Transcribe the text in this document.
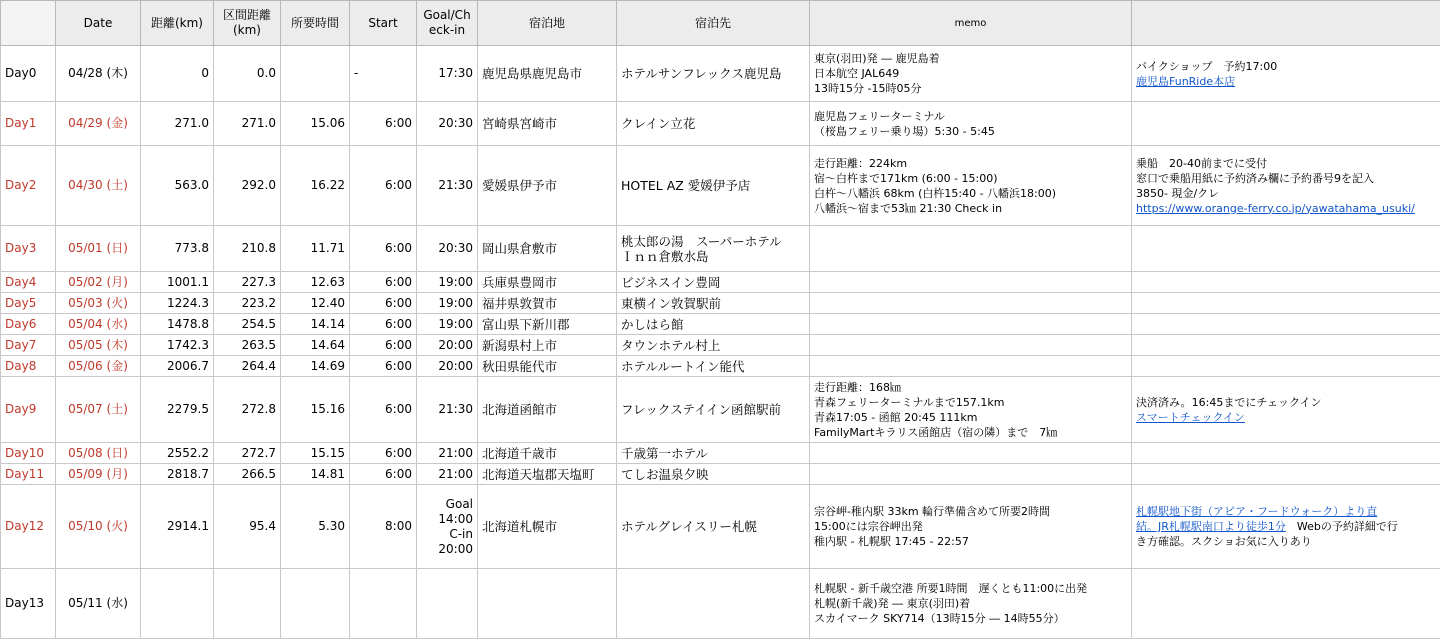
	Date	距離(km)	区間距離
(km)	所要時間	Start	Goal/Ch
eck-in	宿泊地	宿泊先	memo	
Day0	04/28 (木)	0	0.0		-	17:30	鹿児島県鹿児島市	ホテルサンフレックス鹿児島	東京(羽田)発 ― 鹿児島着
日本航空 JAL649
13時15分 -15時05分	バイクショップ　予約17:00
鹿児島FunRide本店

Day1	04/29 (金)	271.0	271.0	15.06	6:00	20:30	宮崎県宮崎市	クレイン立花	鹿児島フェリーターミナル
（桜島フェリー乗り場）5:30 - 5:45	

Day2	04/30 (土)	563.0	292.0	16.22	6:00	21:30	愛媛県伊予市	HOTEL AZ 愛媛伊予店	走行距離：224km
宿～白杵まで171km (6:00 - 15:00)
白杵～八幡浜 68km (白杵15:40 - 八幡浜18:00)
八幡浜～宿まで53㎞ 21:30 Check in	乗船　20-40前までに受付
窓口で乗船用紙に予約済み欄に予約番号9を記入
3850- 現金/クレ
https://www.orange-ferry.co.jp/yawatahama_usuki/

Day3	05/01 (日)	773.8	210.8	11.71	6:00	20:30	岡山県倉敷市	桃太郎の湯　スーパーホテル
Ｉｎｎ倉敷水島		

Day4	05/02 (月)	1001.1	227.3	12.63	6:00	19:00	兵庫県豊岡市	ビジネスイン豊岡		

Day5	05/03 (火)	1224.3	223.2	12.40	6:00	19:00	福井県敦賀市	東横イン敦賀駅前		

Day6	05/04 (水)	1478.8	254.5	14.14	6:00	19:00	富山県下新川郡	かしはら館		

Day7	05/05 (木)	1742.3	263.5	14.64	6:00	20:00	新潟県村上市	タウンホテル村上		

Day8	05/06 (金)	2006.7	264.4	14.69	6:00	20:00	秋田県能代市	ホテルルートイン能代		

Day9	05/07 (土)	2279.5	272.8	15.16	6:00	21:30	北海道函館市	フレックステイイン函館駅前	走行距離：168㎞
青森フェリーターミナルまで157.1km
青森17:05 - 函館 20:45 111km
FamilyMartキラリス函館店（宿の隣）まで　7㎞	決済済み。16:45までにチェックイン
スマートチェックイン

Day10	05/08 (日)	2552.2	272.7	15.15	6:00	21:00	北海道千歳市	千歳第一ホテル		

Day11	05/09 (月)	2818.7	266.5	14.81	6:00	21:00	北海道天塩郡天塩町	てしお温泉夕映		

Day12	05/10 (火)	2914.1	95.4	5.30	8:00	Goal
14:00
C-in
20:00	北海道札幌市	ホテルグレイスリー札幌	宗谷岬-稚内駅 33km 輪行準備含めて所要2時間
15:00には宗谷岬出発
稚内駅 - 札幌駅 17:45 - 22:57	札幌駅地下街（アピア・フードウォーク）より直
結。JR札幌駅南口より徒歩1分　Webの予約詳細で行
き方確認。スクショお気に入りあり

Day13	05/11 (水)								札幌駅 - 新千歳空港 所要1時間　遅くとも11:00に出発
札幌(新千歳)発 ― 東京(羽田)着
スカイマーク SKY714（13時15分 ― 14時55分）	
